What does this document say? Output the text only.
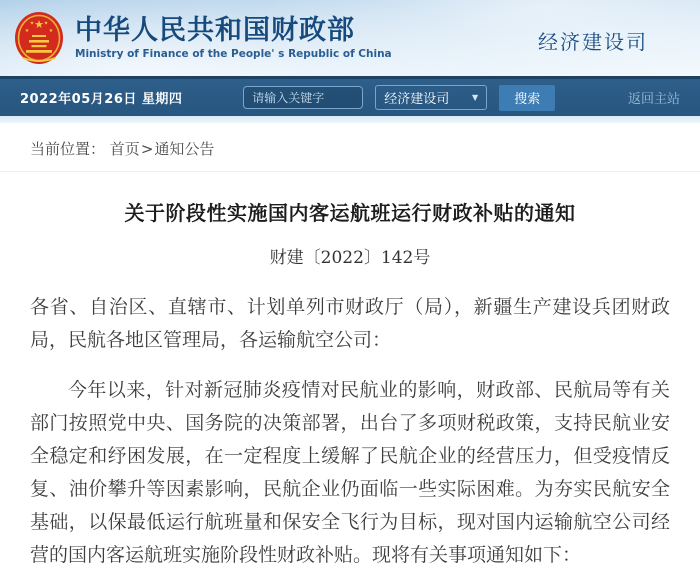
★
★
★ ★
★ 中华人民共和国财政部
Ministry of Finance of the People' s Republic of China
经济建设司
2022年05月26日 星期四
请输入关键字	经济建设司	▼	搜索	返回主站
当前位置： 首页>通知公告
关于阶段性实施国内客运航班运行财政补贴的通知
财建〔2022〕142号

各省、自治区、直辖市、计划单列市财政厅（局），新疆生产建设兵团财政局，民航各地区管理局，各运输航空公司：

今年以来，针对新冠肺炎疫情对民航业的影响，财政部、民航局等有关部门按照党中央、国务院的决策部署，出台了多项财税政策，支持民航业安全稳定和纾困发展，在一定程度上缓解了民航企业的经营压力，但受疫情反复、油价攀升等因素影响，民航企业仍面临一些实际困难。为夯实民航安全基础，以保最低运行航班量和保安全飞行为目标，现对国内运输航空公司经营的国内客运航班实施阶段性财政补贴。现将有关事项通知如下：
